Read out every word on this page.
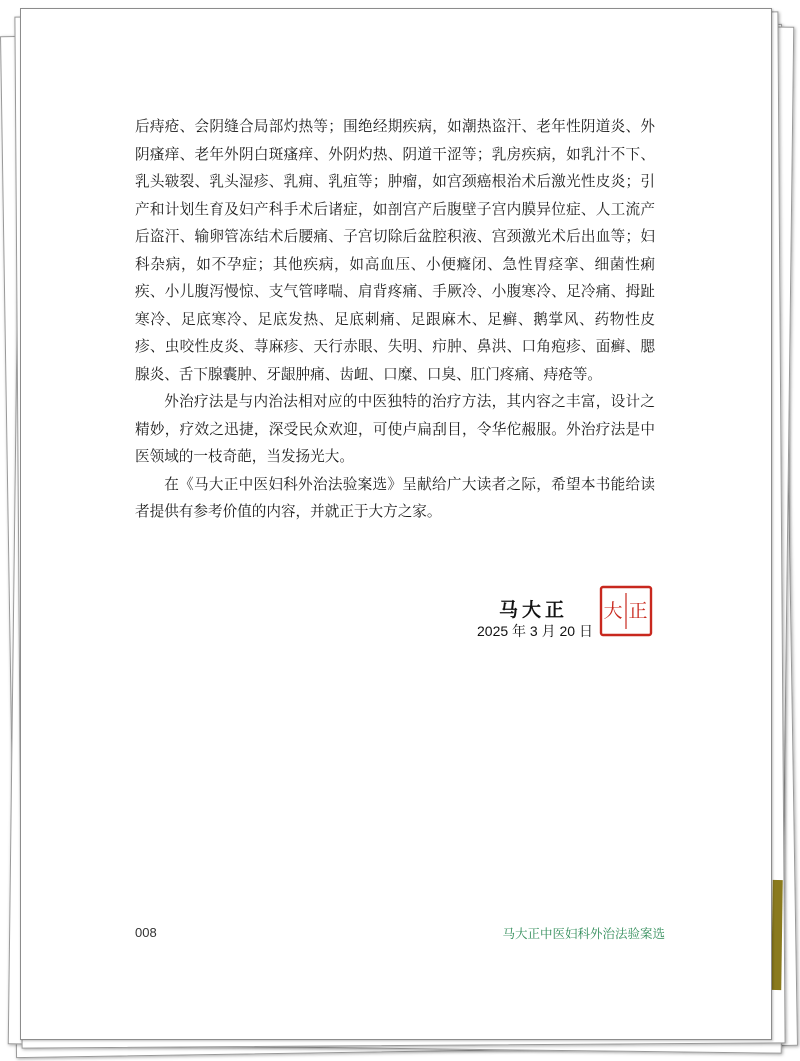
后痔疮、会阴缝合局部灼热等；围绝经期疾病，如潮热盗汗、老年性阴道炎、外阴瘙痒、老年外阴白斑瘙痒、外阴灼热、阴道干涩等；乳房疾病，如乳汁不下、乳头皲裂、乳头湿疹、乳痈、乳疽等；肿瘤，如宫颈癌根治术后激光性皮炎；引产和计划生育及妇产科手术后诸症，如剖宫产后腹壁子宫内膜异位症、人工流产后盗汗、输卵管冻结术后腰痛、子宫切除后盆腔积液、宫颈激光术后出血等；妇科杂病，如不孕症；其他疾病，如高血压、小便癃闭、急性胃痉挛、细菌性痢疾、小儿腹泻慢惊、支气管哮喘、肩背疼痛、手厥冷、小腹寒冷、足冷痛、拇趾寒冷、足底寒冷、足底发热、足底刺痛、足跟麻木、足癣、鹅掌风、药物性皮疹、虫咬性皮炎、荨麻疹、天行赤眼、失明、疖肿、鼻洪、口角疱疹、面癣、腮腺炎、舌下腺囊肿、牙龈肿痛、齿衄、口糜、口臭、肛门疼痛、痔疮等。

外治疗法是与内治法相对应的中医独特的治疗方法，其内容之丰富，设计之精妙，疗效之迅捷，深受民众欢迎，可使卢扁刮目，令华佗赧服。外治疗法是中医领域的一枝奇葩，当发扬光大。

在《马大正中医妇科外治法验案选》呈献给广大读者之际，希望本书能给读者提供有参考价值的内容，并就正于大方之家。

马大正
2025 年 3 月 20 日
大 正
008	马大正中医妇科外治法验案选
